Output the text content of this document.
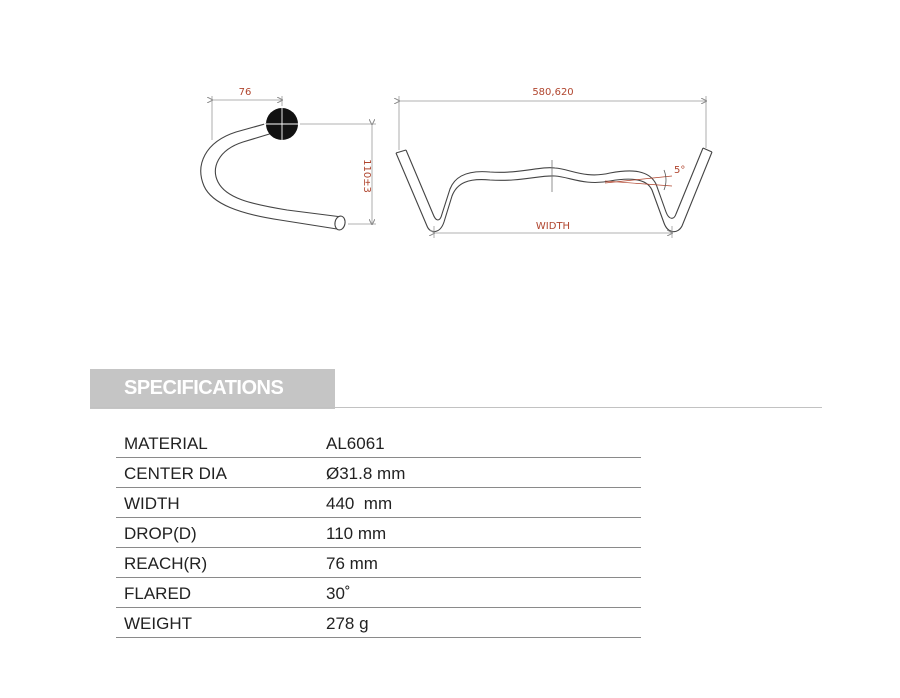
76
110±3
580,620
5°
WIDTH
SPECIFICATIONS
MATERIAL	AL6061
CENTER DIA	Ø31.8 mm
WIDTH	440  mm
DROP(D)	110 mm
REACH(R)	76 mm
FLARED	30˚
WEIGHT	278 g
